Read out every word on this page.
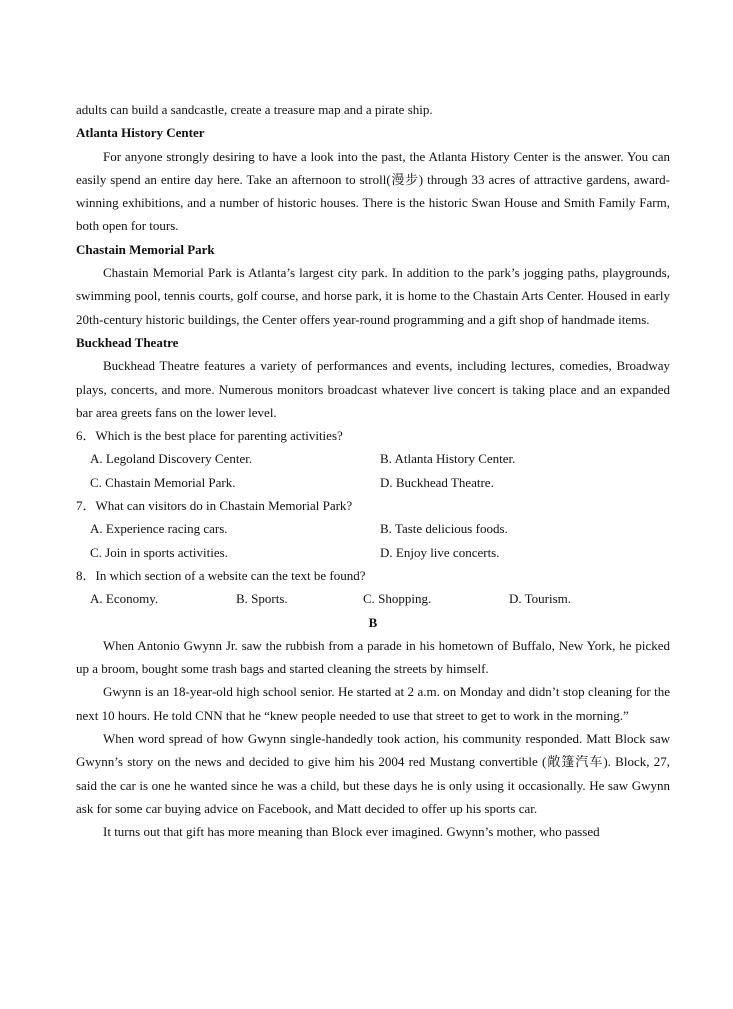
adults can build a sandcastle, create a treasure map and a pirate ship.

Atlanta History Center

For anyone strongly desiring to have a look into the past, the Atlanta History Center is the answer. You can easily spend an entire day here. Take an afternoon to stroll(漫步) through 33 acres of attractive gardens, award-winning exhibitions, and a number of historic houses. There is the historic Swan House and Smith Family Farm, both open for tours.

Chastain Memorial Park

Chastain Memorial Park is Atlanta’s largest city park. In addition to the park’s jogging paths, playgrounds, swimming pool, tennis courts, golf course, and horse park, it is home to the Chastain Arts Center. Housed in early 20th-century historic buildings, the Center offers year-round programming and a gift shop of handmade items.

Buckhead Theatre

Buckhead Theatre features a variety of performances and events, including lectures, comedies, Broadway plays, concerts, and more. Numerous monitors broadcast whatever live concert is taking place and an expanded bar area greets fans on the lower level.

6．Which is the best place for parenting activities?

A. Legoland Discovery Center.	B. Atlanta History Center.
C. Chastain Memorial Park.	D. Buckhead Theatre.

7．What can visitors do in Chastain Memorial Park?

A. Experience racing cars.	B. Taste delicious foods.
C. Join in sports activities.	D. Enjoy live concerts.

8．In which section of a website can the text be found?

A. Economy.	B. Sports.	C. Shopping.	D. Tourism.

B

When Antonio Gwynn Jr. saw the rubbish from a parade in his hometown of Buffalo, New York, he picked up a broom, bought some trash bags and started cleaning the streets by himself.

Gwynn is an 18-year-old high school senior. He started at 2 a.m. on Monday and didn’t stop cleaning for the next 10 hours. He told CNN that he “knew people needed to use that street to get to work in the morning.”

When word spread of how Gwynn single-handedly took action, his community responded. Matt Block saw Gwynn’s story on the news and decided to give him his 2004 red Mustang convertible (敞篷汽车). Block, 27, said the car is one he wanted since he was a child, but these days he is only using it occasionally. He saw Gwynn ask for some car buying advice on Facebook, and Matt decided to offer up his sports car.

It turns out that gift has more meaning than Block ever imagined. Gwynn’s mother, who passed
